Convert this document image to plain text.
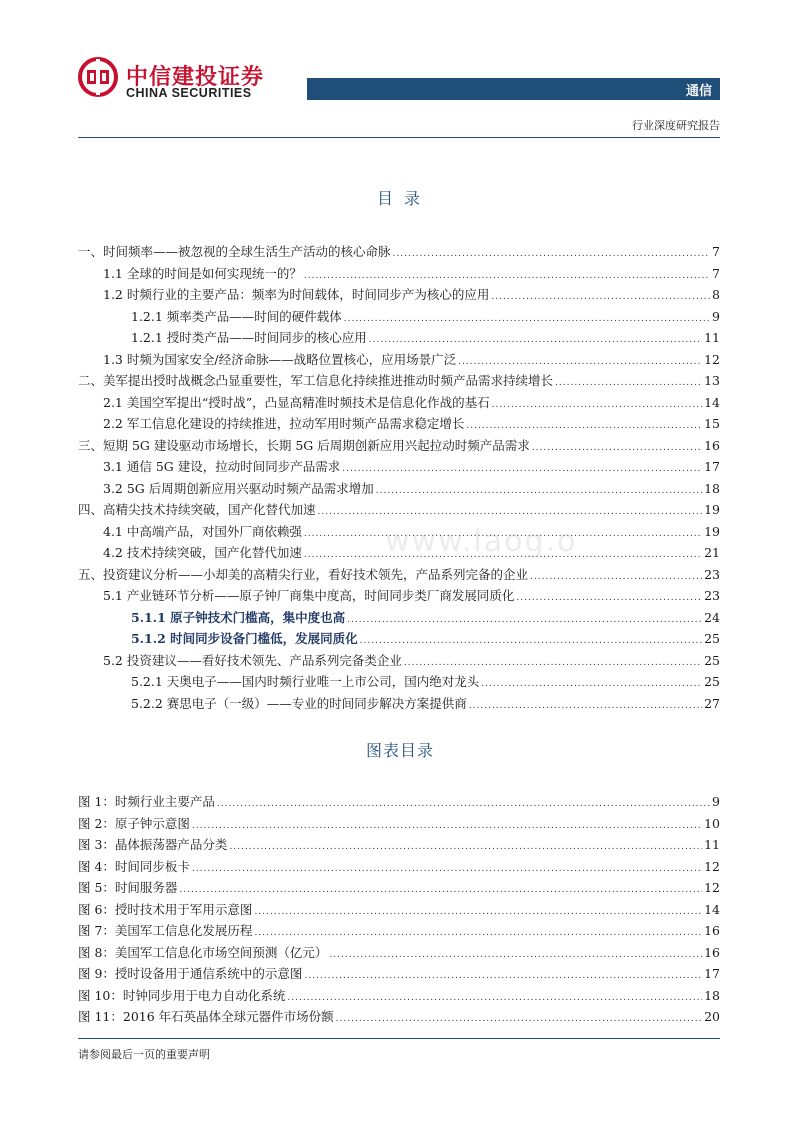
中信建投证券
CHINA SECURITIES	通信
行业深度研究报告
目 录
一、时间频率——被忽视的全球生活生产活动的核心命脉 .....	7
1.1 全球的时间是如何实现统一的？ .....	7
1.2 时频行业的主要产品：频率为时间载体，时间同步产为核心的应用 .....	8
1.2.1 频率类产品——时间的硬件载体 .....	9
1.2.1 授时类产品——时间同步的核心应用 .....	11
1.3 时频为国家安全/经济命脉——战略位置核心，应用场景广泛 .....	12
二、美军提出授时战概念凸显重要性，军工信息化持续推进推动时频产品需求持续增长 .....	13
2.1 美国空军提出“授时战”，凸显高精准时频技术是信息化作战的基石 .....	14
2.2 军工信息化建设的持续推进，拉动军用时频产品需求稳定增长 .....	15
三、短期 5G 建设驱动市场增长，长期 5G 后周期创新应用兴起拉动时频产品需求 .....	16
3.1 通信 5G 建设，拉动时间同步产品需求 .....	17
3.2 5G 后周期创新应用兴驱动时频产品需求增加 .....	18
四、高精尖技术持续突破，国产化替代加速 .....	19
4.1 中高端产品，对国外厂商依赖强 .....	19
4.2 技术持续突破，国产化替代加速 .....	21
五、投资建议分析——小却美的高精尖行业，看好技术领先，产品系列完备的企业 .....	23
5.1 产业链环节分析——原子钟厂商集中度高，时间同步类厂商发展同质化 .....	23
5.1.1 原子钟技术门槛高，集中度也高 .....	24
5.1.2 时间同步设备门槛低，发展同质化 .....	25
5.2 投资建议——看好技术领先、产品系列完备类企业 .....	25
5.2.1 天奥电子——国内时频行业唯一上市公司，国内绝对龙头 .....	25
5.2.2 赛思电子（一级）——专业的时间同步解决方案提供商 .....	27
www.laog.o
图表目录
图 1：时频行业主要产品 .....	9
图 2：原子钟示意图 .....	10
图 3：晶体振荡器产品分类 .....	11
图 4：时间同步板卡 .....	12
图 5：时间服务器 .....	12
图 6：授时技术用于军用示意图 .....	14
图 7：美国军工信息化发展历程 .....	16
图 8：美国军工信息化市场空间预测（亿元） .....	16
图 9：授时设备用于通信系统中的示意图 .....	17
图 10：时钟同步用于电力自动化系统 .....	18
图 11：2016 年石英晶体全球元器件市场份额 .....	20
请参阅最后一页的重要声明
